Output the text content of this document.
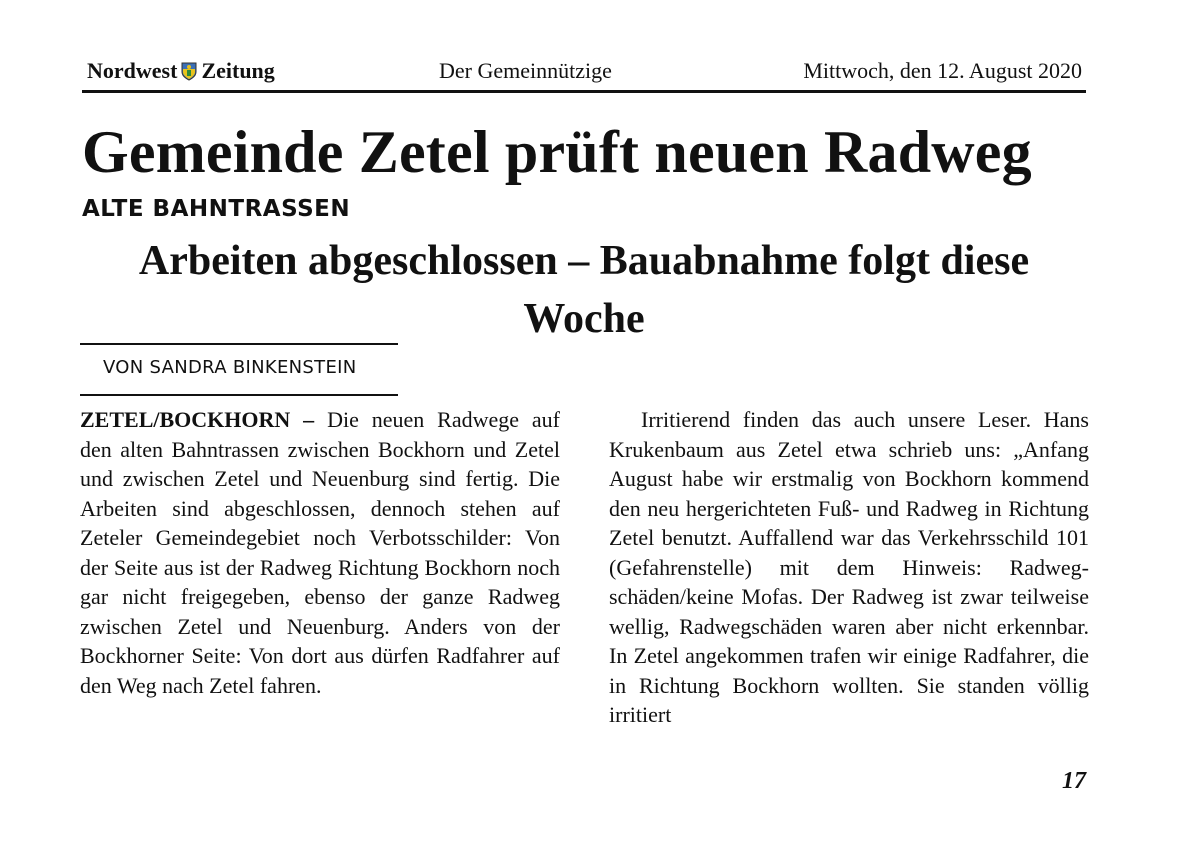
Nordwest Zeitung	Der Gemeinnützige	Mittwoch, den 12. August 2020
Gemeinde Zetel prüft neuen Radweg
ALTE BAHNTRASSEN
Arbeiten abgeschlossen – Bauabnahme folgt diese Woche
VON SANDRA BINKENSTEIN

ZETEL/BOCKHORN – Die neuen Radwege auf den alten Bahntrassen zwischen Bockhorn und Zetel und zwischen Zetel und Neuenburg sind fertig. Die Arbeiten sind abgeschlossen, dennoch stehen auf Zeteler Gemeindegebiet noch Verbotsschilder: Von der Seite aus ist der Radweg Richtung Bockhorn noch gar nicht freigegeben, ebenso der ganze Radweg zwischen Zetel und Neuenburg. Anders von der Bockhorner Seite: Von dort aus dürfen Radfahrer auf den Weg nach Zetel fahren.

Irritierend finden das auch unsere Leser. Hans Krukenbaum aus Zetel etwa schrieb uns: „Anfang August habe wir erstmalig von Bockhorn kommend den neu hergerichteten Fuß- und Radweg in Richtung Zetel benutzt. Auffallend war das Verkehrsschild 101 (Gefahrenstelle) mit dem Hinweis: Radweg-schäden/keine Mofas. Der Radweg ist zwar teilweise wellig, Radwegschäden waren aber nicht erkennbar. In Zetel angekommen trafen wir einige Radfahrer, die in Richtung Bockhorn wollten. Sie standen völlig irritiert

17
